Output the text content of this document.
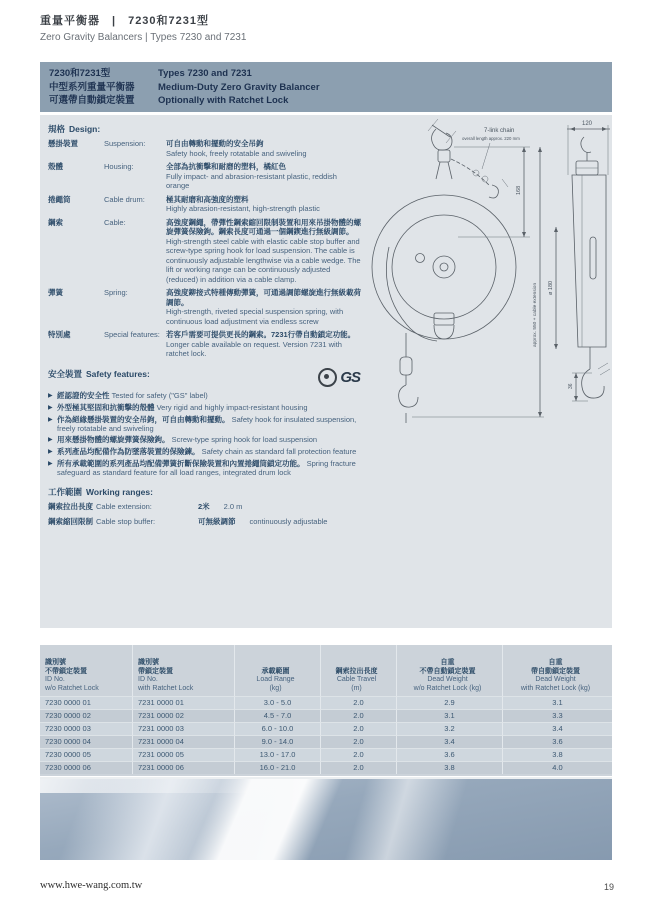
重量平衡器　|　7230和7231型
Zero Gravity Balancers | Types 7230 and 7231
7230和7231型
中型系列重量平衡器
可選帶自動鎖定裝置
Types 7230 and 7231
Medium-Duty Zero Gravity Balancer
Optionally with Ratchet Lock
規格 Design:
懸掛裝置	Suspension:	可自由轉動和擺動的安全吊鉤
Safety hook, freely rotatable and swiveling
殼體	Housing:	全部為抗衝擊和耐磨的塑料，橘紅色
Fully impact- and abrasion-resistant plastic, reddish orange
捲繩筒	Cable drum:	極其耐磨和高強度的塑料
Highly abrasion-resistant, high-strength plastic
鋼索	Cable:	高強度鋼繩，帶彈性鋼索縮回限制裝置和用來吊掛物體的螺旋彈簧保險鉤。鋼索長度可通過一個鋼鍥進行無級調節。
High-strength steel cable with elastic cable stop buffer and screw-type spring hook for load suspension. The cable is continuously adjustable lengthwise via a cable wedge. The lift or working range can be continuously adjusted (reduced) in addition via a cable clamp.
彈簧	Spring:	高強度鉚接式特種傳動彈簧，可通過調節螺旋進行無級載荷調節。
High-strength, riveted special suspension spring, with continuous load adjustment via endless screw
特別處	Special features: 若客戶需要可提供更長的鋼索。7231行帶自動鎖定功能。
Longer cable available on request. Version 7231 with ratchet lock.
安全裝置 Safety features:	GS
▶ 經認證的安全性 Tested for safety ("GS" label)
▶ 外型極其堅固和抗衝擊的殼體 Very rigid and highly impact-resistant housing
▶ 作為絕緣懸掛裝置的安全吊鉤，可自由轉動和擺動。 Safety hook for insulated suspension, freely rotatable and swiveling
▶ 用來懸掛物體的螺旋彈簧保險鉤。 Screw-type spring hook for load suspension
▶ 系列產品均配備作為防墜落裝置的保險鍊。 Safety chain as standard fall protection feature
▶ 所有承載範圍的系列產品均配備彈簧折斷保險裝置和內置捲繩筒鎖定功能。 Spring fracture safeguard as standard feature for all load ranges, integrated drum lock
工作範圍 Working ranges:
鋼索拉出長度 Cable extension:	2米 2.0 m
鋼索縮回限制 Cable stop buffer:	可無級調節 continuously adjustable
7-link chain
overall length approx. 220 mm
168
approx. 550 + cable extension ø 180
120
36
識別號
不帶鎖定裝置
ID No.
w/o Ratchet Lock
識別號
帶鎖定裝置
ID No.
with Ratchet Lock
承載範圍
Load Range
(kg)
鋼索拉出長度
Cable Travel
(m)
自重
不帶自動鎖定裝置
Dead Weight
w/o Ratchet Lock (kg)
自重
帶自動鎖定裝置
Dead Weight
with Ratchet Lock (kg)
7230 0000 01	7231 0000 01	3.0 - 5.0	2.0	2.9	3.1
7230 0000 02	7231 0000 02	4.5 - 7.0	2.0	3.1	3.3
7230 0000 03	7231 0000 03	6.0 - 10.0	2.0	3.2	3.4
7230 0000 04	7231 0000 04	9.0 - 14.0	2.0	3.4	3.6
7230 0000 05	7231 0000 05	13.0 - 17.0	2.0	3.6	3.8
7230 0000 06	7231 0000 06	16.0 - 21.0	2.0	3.8	4.0
www.hwe-wang.com.tw	19
